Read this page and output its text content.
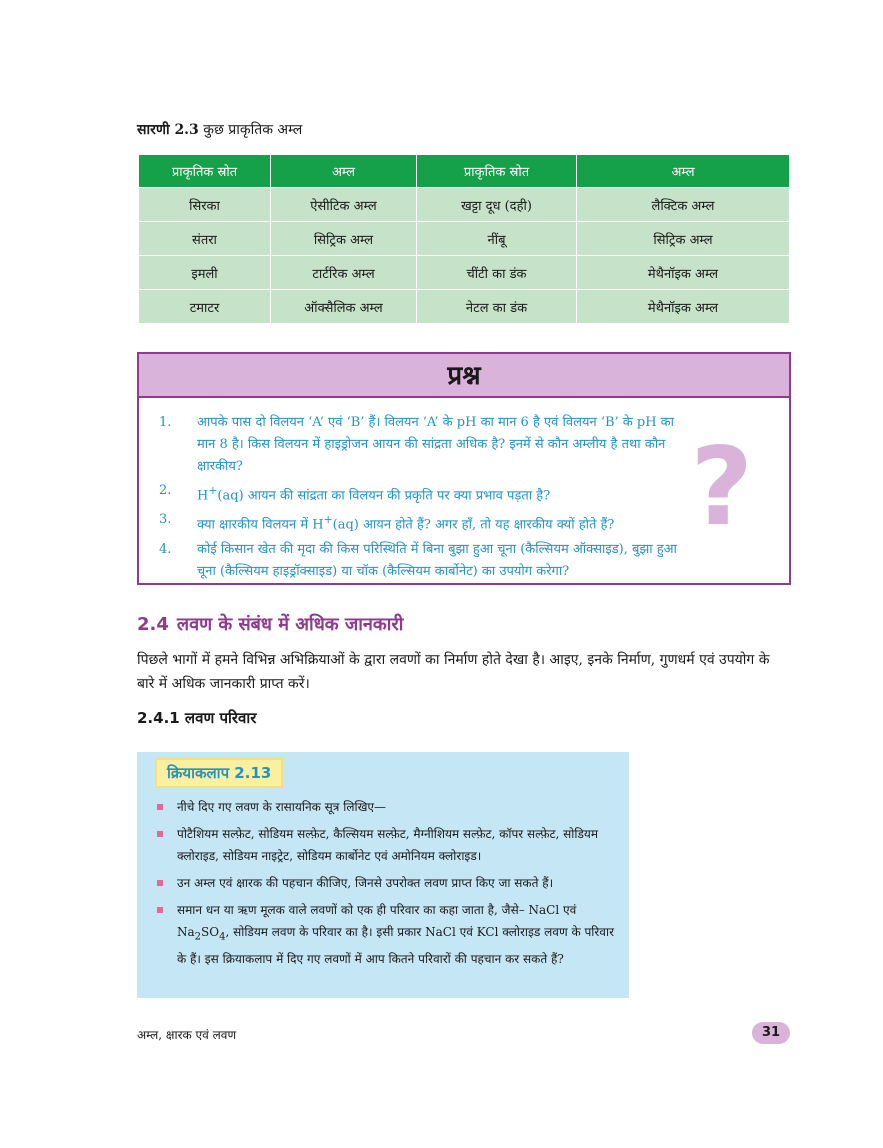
सारणी 2.3 कुछ प्राकृतिक अम्ल
प्राकृतिक स्रोत	अम्ल	प्राकृतिक स्रोत	अम्ल
सिरका	ऐसीटिक अम्ल	खट्टा दूध (दही)	लैक्टिक अम्ल
संतरा	सिट्रिक अम्ल	नींबू	सिट्रिक अम्ल
इमली	टार्टरिक अम्ल	चींटी का डंक	मेथैनॉइक अम्ल
टमाटर	ऑक्सैलिक अम्ल	नेटल का डंक	मेथैनॉइक अम्ल
प्रश्न
1. आपके पास दो विलयन ‘A’ एवं ‘B’ हैं। विलयन ‘A’ के pH का मान 6 है एवं विलयन ‘B’ के pH का मान 8 है। किस विलयन में हाइड्रोजन आयन की सांद्रता अधिक है? इनमें से कौन अम्लीय है तथा कौन क्षारकीय?
2. H+(aq) आयन की सांद्रता का विलयन की प्रकृति पर क्या प्रभाव पड़ता है?
3. क्या क्षारकीय विलयन में H+(aq) आयन होते हैं? अगर हाँ, तो यह क्षारकीय क्यों होते हैं?
4. कोई किसान खेत की मृदा की किस परिस्थिति में बिना बुझा हुआ चूना (कैल्सियम ऑक्साइड), बुझा हुआ चूना (कैल्सियम हाइड्रॉक्साइड) या चॉक (कैल्सियम कार्बोनेट) का उपयोग करेगा?
?
2.4 लवण के संबंध में अधिक जानकारी

पिछले भागों में हमने विभिन्न अभिक्रियाओं के द्वारा लवणों का निर्माण होते देखा है। आइए, इनके निर्माण, गुणधर्म एवं उपयोग के बारे में अधिक जानकारी प्राप्त करें।

2.4.1 लवण परिवार
क्रियाकलाप 2.13
नीचे दिए गए लवण के रासायनिक सूत्र लिखिए—
पोटैशियम सल्फ़ेट, सोडियम सल्फ़ेट, कैल्सियम सल्फ़ेट, मैग्नीशियम सल्फ़ेट, कॉपर सल्फ़ेट, सोडियम क्लोराइड, सोडियम नाइट्रेट, सोडियम कार्बोनेट एवं अमोनियम क्लोराइड।
उन अम्ल एवं क्षारक की पहचान कीजिए, जिनसे उपरोक्त लवण प्राप्त किए जा सकते हैं।
समान धन या ऋण मूलक वाले लवणों को एक ही परिवार का कहा जाता है, जैसे– NaCl एवं $Na_2SO_4$, सोडियम लवण के परिवार का है। इसी प्रकार NaCl एवं KCl क्लोराइड लवण के परिवार के हैं। इस क्रियाकलाप में दिए गए लवणों में आप कितने परिवारों की पहचान कर सकते हैं?
अम्ल, क्षारक एवं लवण	31
